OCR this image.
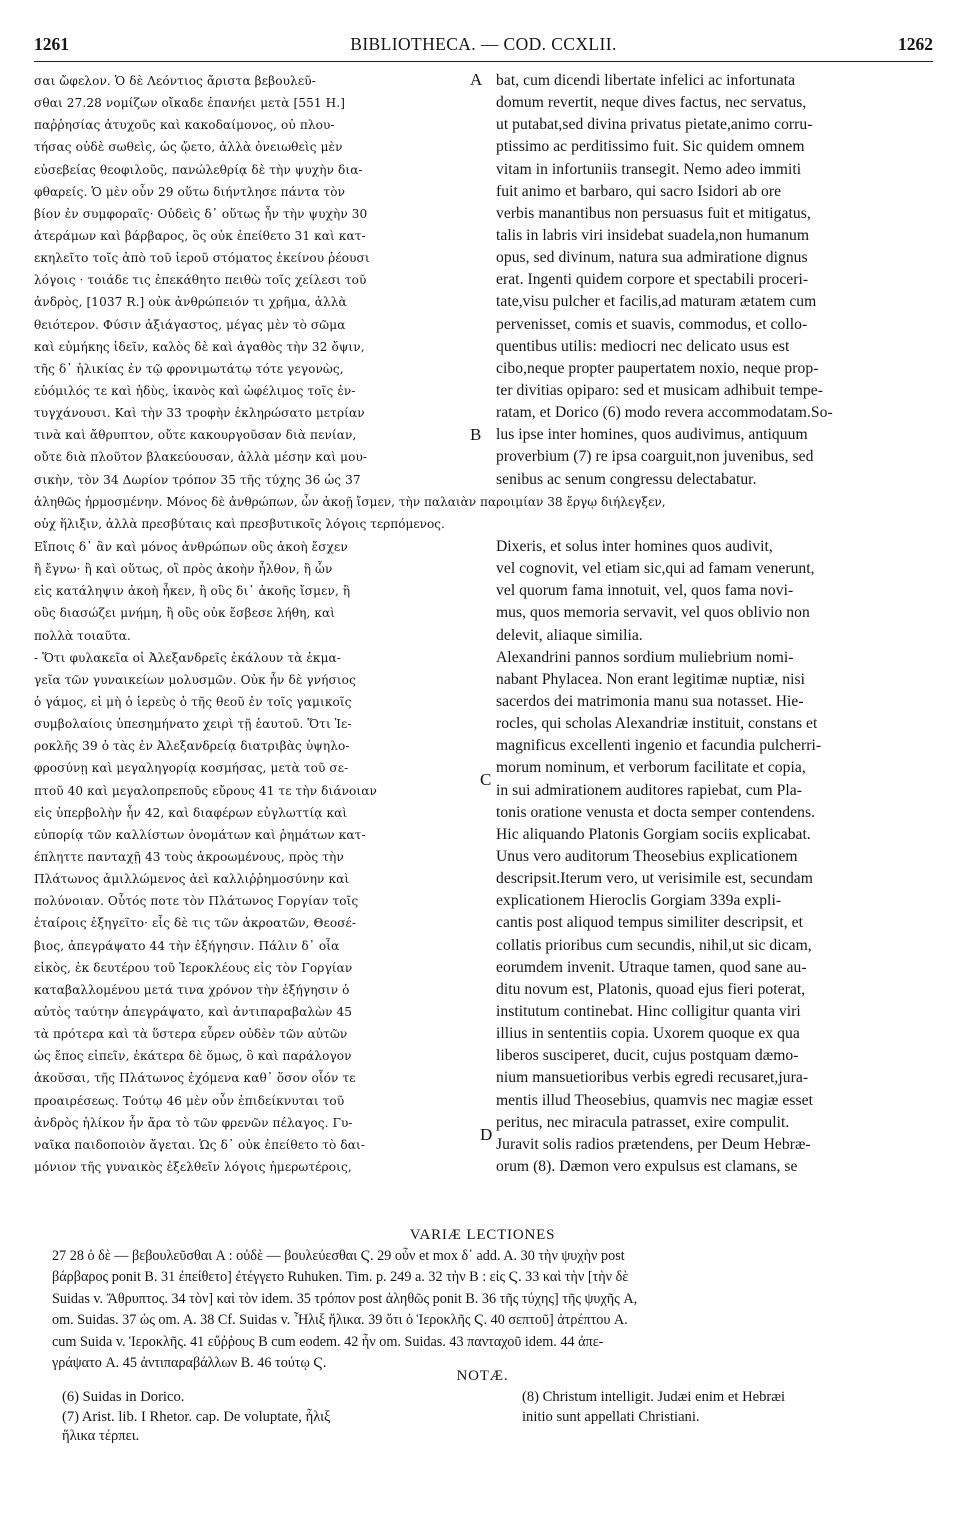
1261	BIBLIOTHECA. — COD. CCXLII.	1262
A
B
C
D
σαι ὤφελον. Ὁ δὲ Λεόντιος ἄριστα βεβουλεῦ-
σθαι 27.28 νομίζων οἴκαδε ἐπανήει μετὰ [551 H.]
παῤῥησίας ἀτυχοῦς καὶ κακοδαίμονος, οὐ πλου-
τήσας οὐδὲ σωθεὶς, ὡς ᾤετο, ἀλλὰ ὀνειωθεὶς μὲν
εὐσεβείας θεοφιλοῦς, πανώλεθρίᾳ δὲ τὴν ψυχὴν δια-
φθαρείς. Ὁ μὲν οὖν 29 οὕτω διήντλησε πάντα τὸν
βίον ἐν συμφοραῖς· Οὐδεὶς δ᾽ οὕτως ἦν τὴν ψυχὴν 30
ἀτεράμων καὶ βάρβαρος, ὃς οὐκ ἐπείθετο 31 καὶ κατ-
εκηλεῖτο τοῖς ἀπὸ τοῦ ἱεροῦ στόματος ἐκείνου ῥέουσι
λόγοις · τοιάδε τις ἐπεκάθητο πειθὼ τοῖς χείλεσι τοῦ
ἀνδρὸς, [1037 R.] οὐκ ἀνθρώπειόν τι χρῆμα, ἀλλὰ
θειότερον. Φύσιν ἀξιάγαστος, μέγας μὲν τὸ σῶμα
καὶ εὐμήκης ἰδεῖν, καλὸς δὲ καὶ ἀγαθὸς τὴν 32 ὄψιν,
τῆς δ᾽ ἡλικίας ἐν τῷ φρονιμωτάτῳ τότε γεγονὼς,
εὐόμιλός τε καὶ ἡδὺς, ἱκανὸς καὶ ὠφέλιμος τοῖς ἐν-
τυγχάνουσι. Καὶ τὴν 33 τροφὴν ἐκληρώσατο μετρίαν
τινὰ καὶ ἄθρυπτον, οὔτε κακουργοῦσαν διὰ πενίαν,
οὔτε διὰ πλοῦτον βλακεύουσαν, ἀλλὰ μέσην καὶ μου-
σικὴν, τὸν 34 Δωρίον τρόπον 35 τῆς τύχης 36 ὡς 37
bat, cum dicendi libertate infelici ac infortunata
domum revertit, neque dives factus, nec servatus,
ut putabat,sed divina privatus pietate,animo corru-
ptissimo ac perditissimo fuit. Sic quidem omnem
vitam in infortuniis transegit. Nemo adeo immiti
fuit animo et barbaro, qui sacro Isidori ab ore
verbis manantibus non persuasus fuit et mitigatus,
talis in labris viri insidebat suadela,non humanum
opus, sed divinum, natura sua admiratione dignus
erat. Ingenti quidem corpore et spectabili proceri-
tate,visu pulcher et facilis,ad maturam ætatem cum
pervenisset, comis et suavis, commodus, et collo-
quentibus utilis: mediocri nec delicato usus est
cibo,neque propter paupertatem noxio, neque prop-
ter divitias opiparo: sed et musicam adhibuit tempe-
ratam, et Dorico (6) modo revera accommodatam.So-
lus ipse inter homines, quos audivimus, antiquum
proverbium (7) re ipsa coarguit,non juvenibus, sed
senibus ac senum congressu delectabatur.
ἀληθῶς ἡρμοσμένην. Μόνος δὲ ἀνθρώπων, ὧν ἀκοῇ ἴσμεν, τὴν παλαιὰν παροιμίαν 38 ἔργῳ διήλεγξεν,
οὐχ ἥλιξιν, ἀλλὰ πρεσβύταις καὶ πρεσβυτικοῖς λόγοις τερπόμενος.
Εἴποις δ᾽ ἂν καὶ μόνος ἀνθρώπων οὓς ἀκοὴ ἔσχεν
ἢ ἔγνω· ἢ καὶ οὕτως, οἳ πρὸς ἀκοὴν ἦλθον, ἢ ὧν
εἰς κατάληψιν ἀκοὴ ἧκεν, ἢ οὓς δι᾽ ἀκοῆς ἴσμεν, ἢ
οὓς διασώζει μνήμη, ἢ οὓς οὐκ ἔσβεσε λήθη, καὶ
πολλὰ τοιαῦτα.
- Ὅτι φυλακεῖα οἱ Ἀλεξανδρεῖς ἐκάλουν τὰ ἐκμα-
γεῖα τῶν γυναικείων μολυσμῶν. Οὐκ ἦν δὲ γνήσιος
ὁ γάμος, εἰ μὴ ὁ ἱερεὺς ὁ τῆς θεοῦ ἐν τοῖς γαμικοῖς
συμβολαίοις ὑπεσημήνατο χειρὶ τῇ ἑαυτοῦ. Ὅτι Ἱε-
ροκλῆς 39 ὁ τὰς ἐν Ἀλεξανδρείᾳ διατριβὰς ὑψηλο-
φροσύνῃ καὶ μεγαληγορίᾳ κοσμήσας, μετὰ τοῦ σε-
πτοῦ 40 καὶ μεγαλοπρεποῦς εὔρους 41 τε τὴν διάνοιαν
εἰς ὑπερβολὴν ἦν 42, καὶ διαφέρων εὐγλωττίᾳ καὶ
εὐπορίᾳ τῶν καλλίστων ὀνομάτων καὶ ῥημάτων κατ-
έπληττε πανταχῇ 43 τοὺς ἀκροωμένους, πρὸς τὴν
Πλάτωνος ἁμιλλώμενος ἀεὶ καλλιῤῥημοσύνην καὶ
πολύνοιαν. Οὗτός ποτε τὸν Πλάτωνος Γοργίαν τοῖς
ἑταίροις ἐξηγεῖτο· εἷς δὲ τις τῶν ἀκροατῶν, Θεοσέ-
βιος, ἀπεγράψατο 44 τὴν ἐξήγησιν. Πάλιν δ᾽ οἷα
εἰκὸς, ἐκ δευτέρου τοῦ Ἱεροκλέους εἰς τὸν Γοργίαν
καταβαλλομένου μετά τινα χρόνον τὴν ἐξήγησιν ὁ
αὐτὸς ταύτην ἀπεγράψατο, καὶ ἀντιπαραβαλὼν 45
τὰ πρότερα καὶ τὰ ὕστερα εὗρεν οὐδὲν τῶν αὐτῶν
ὡς ἔπος εἰπεῖν, ἑκάτερα δὲ ὅμως, ὃ καὶ παράλογον
ἀκοῦσαι, τῆς Πλάτωνος ἐχόμενα καθ᾽ ὅσον οἷόν τε
προαιρέσεως. Τούτῳ 46 μὲν οὖν ἐπιδείκνυται τοῦ
ἀνδρὸς ἡλίκον ἦν ἄρα τὸ τῶν φρενῶν πέλαγος. Γυ-
ναῖκα παιδοποιὸν ἄγεται. Ὡς δ᾽ οὐκ ἐπείθετο τὸ δαι-
μόνιον τῆς γυναικὸς ἐξελθεῖν λόγοις ἡμερωτέροις,
Dixeris, et solus inter homines quos audivit,
vel cognovit, vel etiam sic,qui ad famam venerunt,
vel quorum fama innotuit, vel, quos fama novi-
mus, quos memoria servavit, vel quos oblivio non
delevit, aliaque similia.
Alexandrini pannos sordium muliebrium nomi-
nabant Phylacea. Non erant legitimæ nuptiæ, nisi
sacerdos dei matrimonia manu sua notasset. Hie-
rocles, qui scholas Alexandriæ instituit, constans et
magnificus excellenti ingenio et facundia pulcherri-
morum nominum, et verborum facilitate et copia,
in sui admirationem auditores rapiebat, cum Pla-
tonis oratione venusta et docta semper contendens.
Hic aliquando Platonis Gorgiam sociis explicabat.
Unus vero auditorum Theosebius explicationem
descripsit.Iterum vero, ut verisimile est, secundam
explicationem Hieroclis Gorgiam 339a expli-
cantis post aliquod tempus similiter descripsit, et
collatis prioribus cum secundis, nihil,ut sic dicam,
eorumdem invenit. Utraque tamen, quod sane au-
ditu novum est, Platonis, quoad ejus fieri poterat,
institutum continebat. Hinc colligitur quanta viri
illius in sententiis copia. Uxorem quoque ex qua
liberos susciperet, ducit, cujus postquam dæmo-
nium mansuetioribus verbis egredi recusaret,jura-
mentis illud Theosebius, quamvis nec magiæ esset
peritus, nec miracula patrasset, exire compulit.
Juravit solis radios prætendens, per Deum Hebræ-
orum (8). Dæmon vero expulsus est clamans, se
VARIÆ LECTIONES
27 28 ὁ δὲ — βεβουλεῦσθαι A : οὐδὲ — βουλεύεσθαι Ϛ. 29 οὖν et mox δ᾽ add. A. 30 τὴν ψυχὴν post
βάρβαρος ponit B. 31 ἐπείθετο] ἐτέγγετο Ruhuken. Tim. p. 249 a. 32 τὴν B : εἰς Ϛ. 33 καὶ τὴν [τὴν δὲ
Suidas v. Ἄθρυπτος. 34 τὸν] καὶ τὸν idem. 35 τρόπον post ἀληθῶς ponit B. 36 τῆς τύχης] τῆς ψυχῆς A,
om. Suidas. 37 ὡς om. A. 38 Cf. Suidas v. Ἦλιξ ἥλικα. 39 ὅτι ὁ Ἱεροκλῆς Ϛ. 40 σεπτοῦ] ἀτρέπτου A.
cum Suida v. Ἱεροκλῆς. 41 εὔῤῥους B cum eodem. 42 ἦν om. Suidas. 43 πανταχοῦ idem. 44 ἀπε-
γράψατο A. 45 ἀντιπαραβάλλων B. 46 τούτῳ Ϛ.
NOTÆ.
(6) Suidas in Dorico.
(7) Arist. lib. I Rhetor. cap. De voluptate, ἧλιξ
ἥλικα τέρπει.
(8) Christum intelligit. Judæi enim et Hebræi
initio sunt appellati Christiani.
